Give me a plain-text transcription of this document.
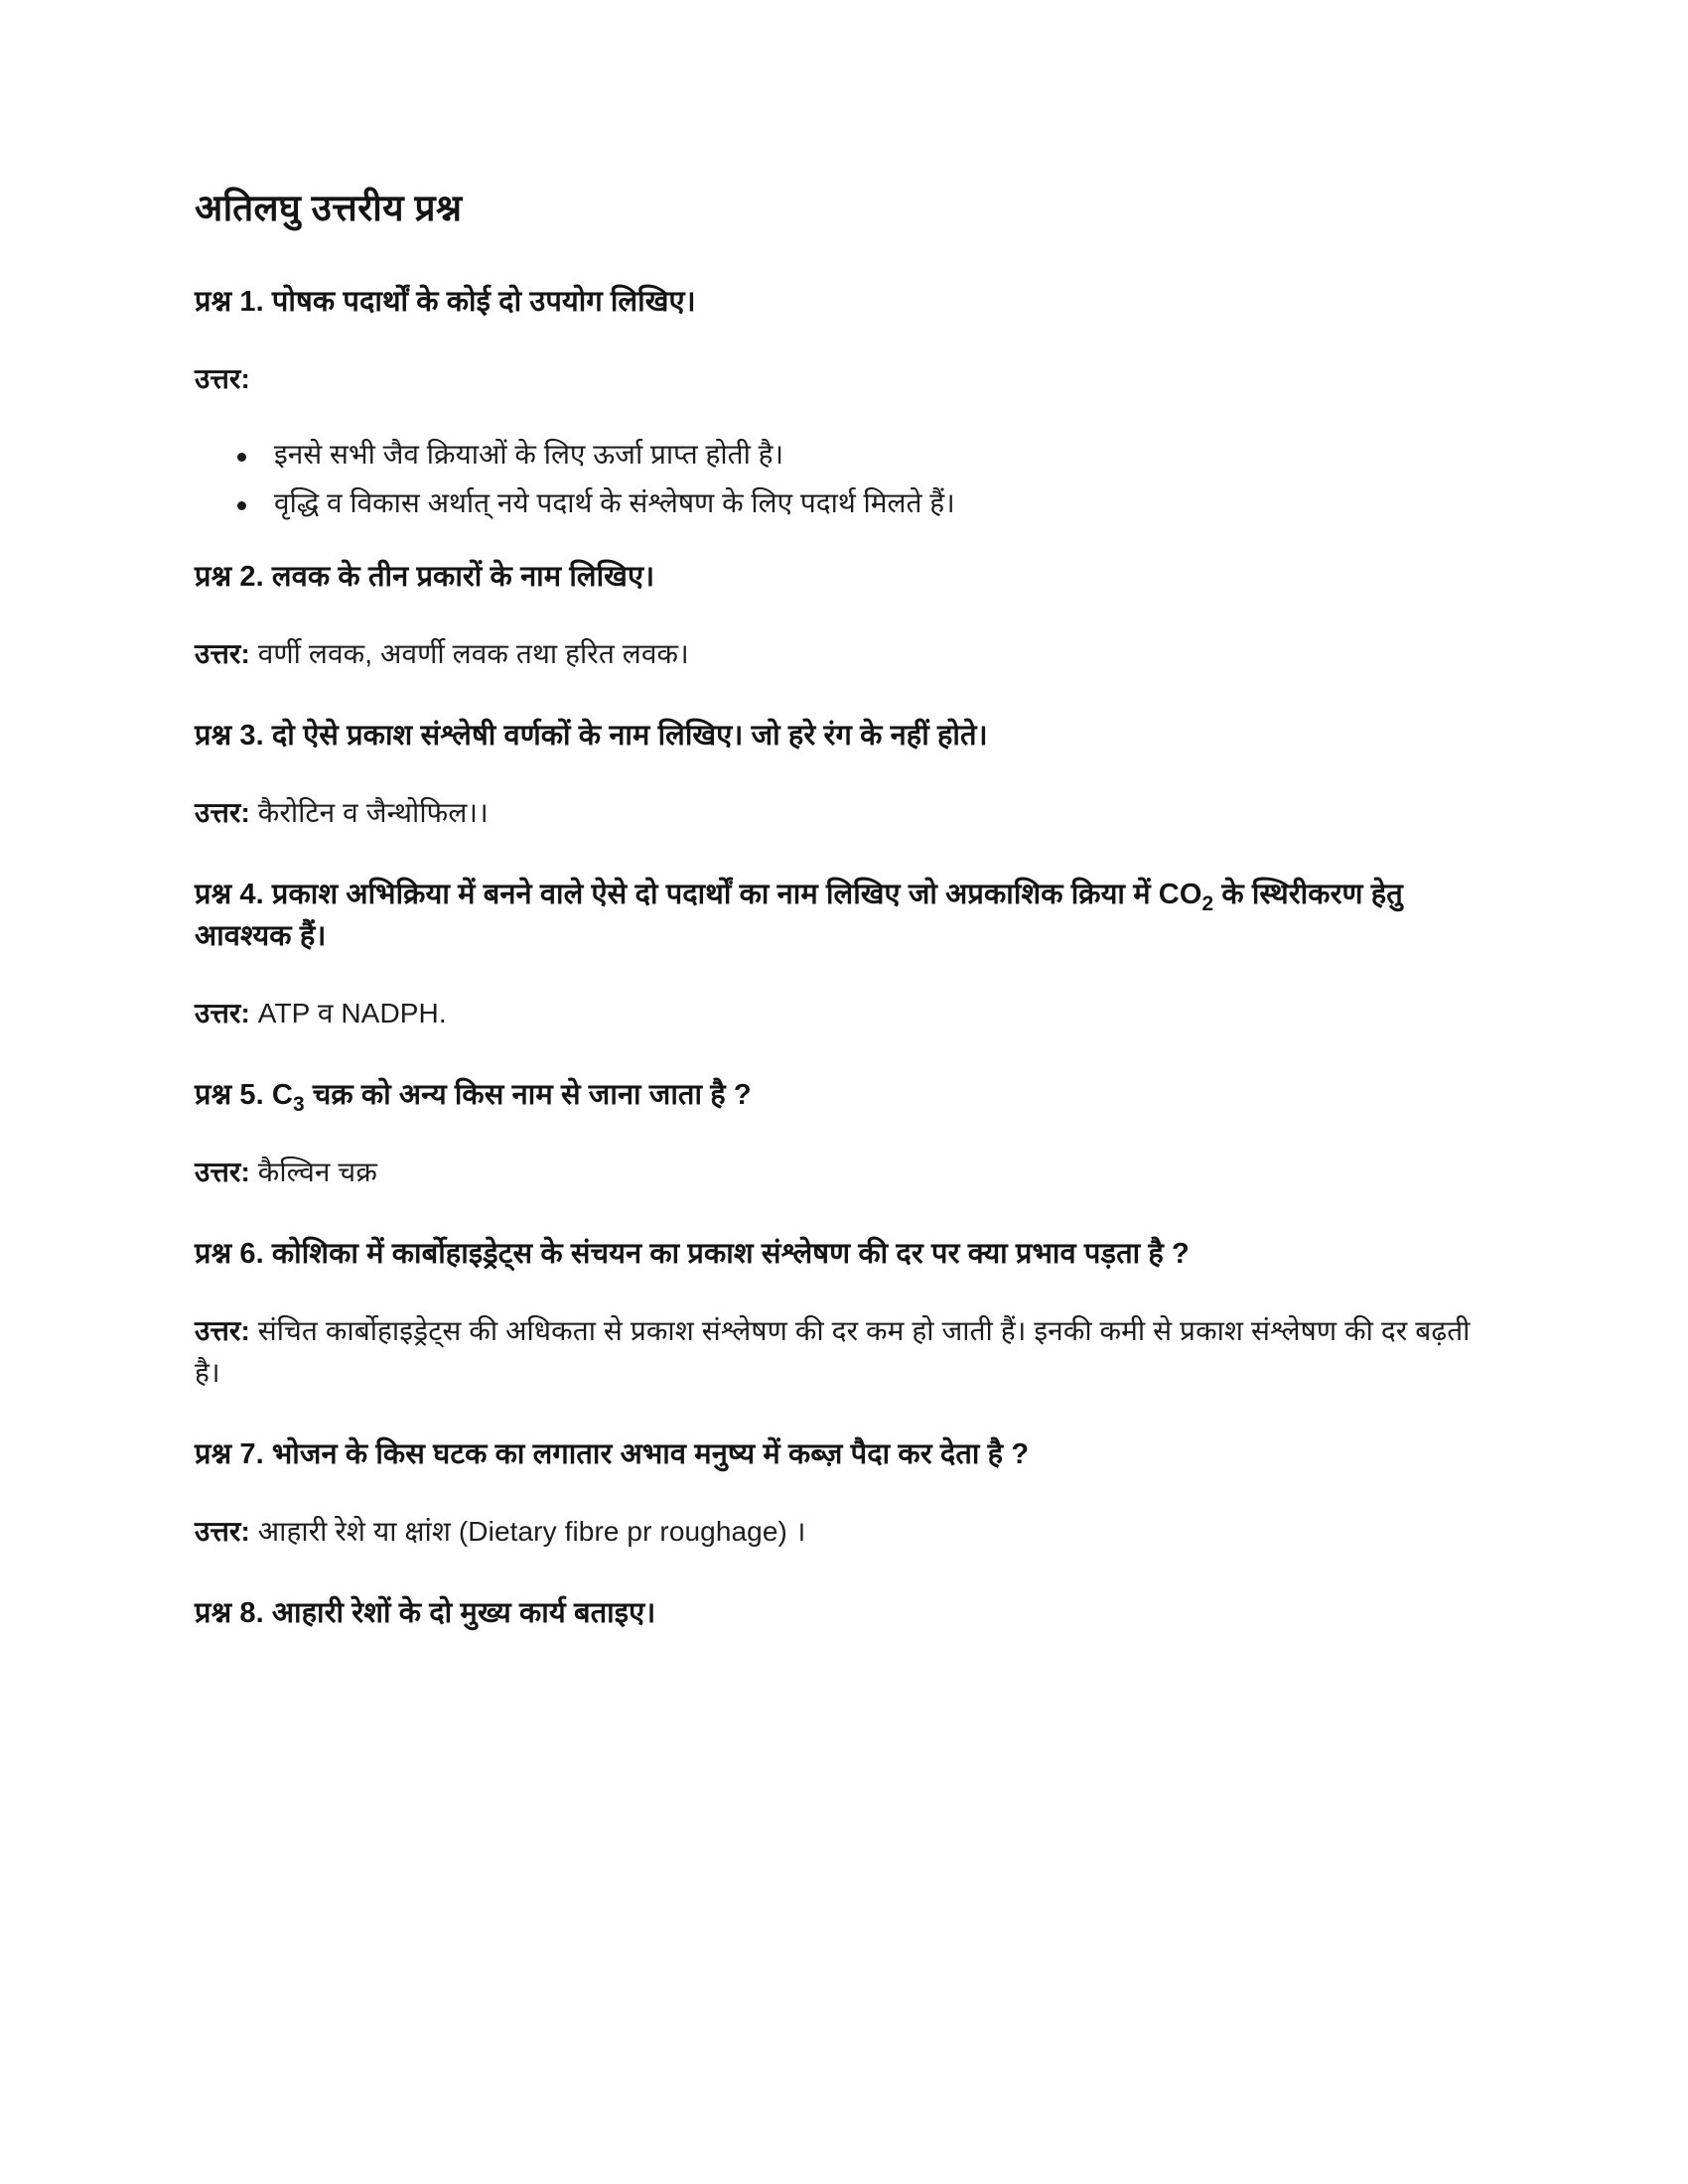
अतिलघु उत्तरीय प्रश्न

प्रश्न 1. पोषक पदार्थों के कोई दो उपयोग लिखिए।

उत्तर:

इनसे सभी जैव क्रियाओं के लिए ऊर्जा प्राप्त होती है।
वृद्धि व विकास अर्थात् नये पदार्थ के संश्लेषण के लिए पदार्थ मिलते हैं।

प्रश्न 2. लवक के तीन प्रकारों के नाम लिखिए।

उत्तर: वर्णी लवक, अवर्णी लवक तथा हरित लवक।

प्रश्न 3. दो ऐसे प्रकाश संश्लेषी वर्णकों के नाम लिखिए। जो हरे रंग के नहीं होते।

उत्तर: कैरोटिन व जैन्थोफिल।।

प्रश्न 4. प्रकाश अभिक्रिया में बनने वाले ऐसे दो पदार्थों का नाम लिखिए जो अप्रकाशिक क्रिया में $CO_2$ के स्थिरीकरण हेतु आवश्यक हैं।

उत्तर: ATP व NADPH.

प्रश्न 5. $C_3$ चक्र को अन्य किस नाम से जाना जाता है ?

उत्तर: कैल्विन चक्र

प्रश्न 6. कोशिका में कार्बोहाइड्रेट्स के संचयन का प्रकाश संश्लेषण की दर पर क्या प्रभाव पड़ता है ?

उत्तर: संचित कार्बोहाइड्रेट्स की अधिकता से प्रकाश संश्लेषण की दर कम हो जाती हैं। इनकी कमी से प्रकाश संश्लेषण की दर बढ़ती है।

प्रश्न 7. भोजन के किस घटक का लगातार अभाव मनुष्य में कब्ज़ पैदा कर देता है ?

उत्तर: आहारी रेशे या क्षांश (Dietary fibre pr roughage) ।

प्रश्न 8. आहारी रेशों के दो मुख्य कार्य बताइए।
